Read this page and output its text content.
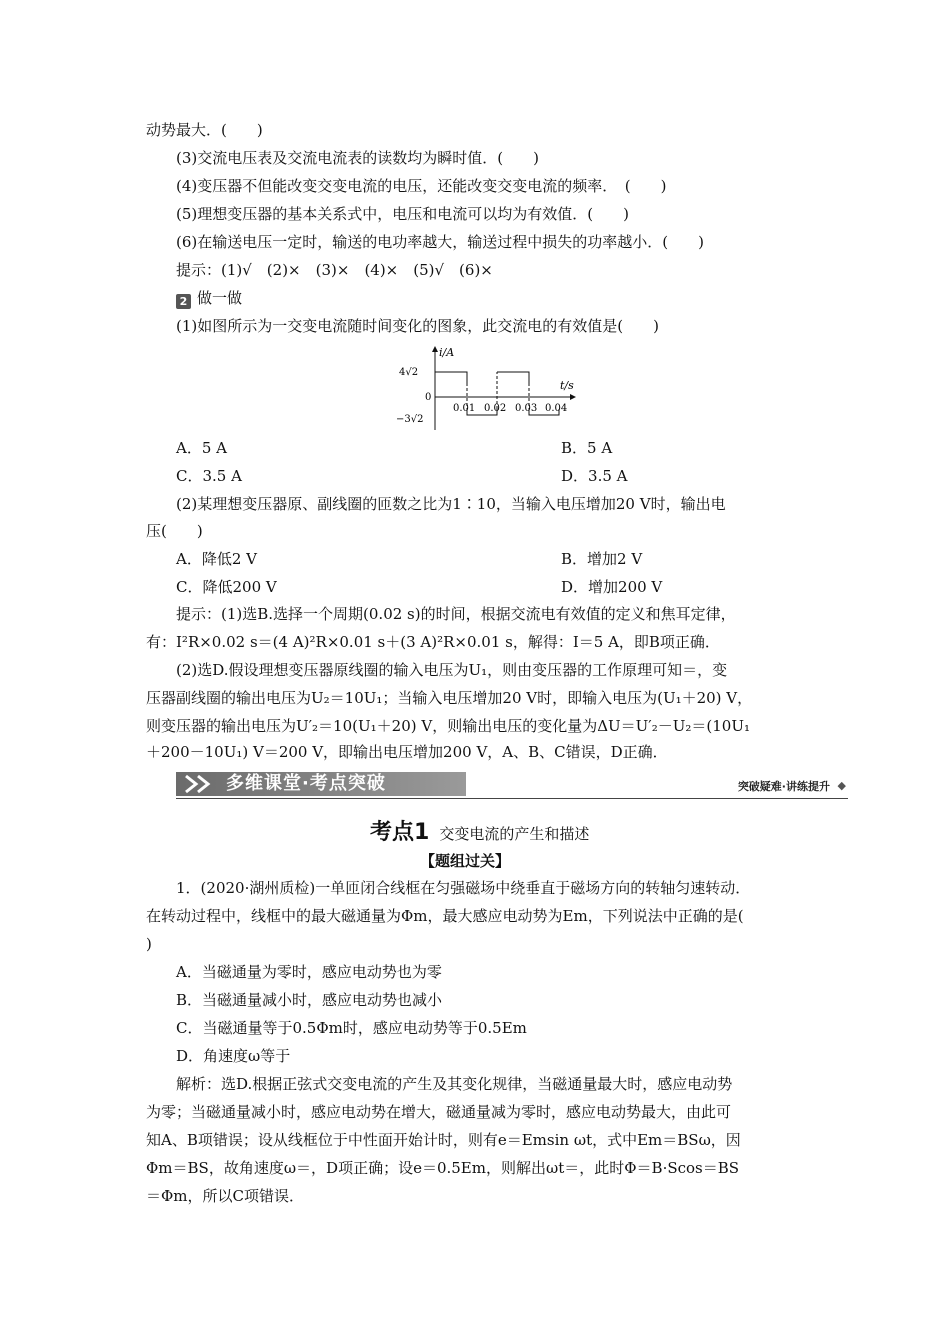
动势最大．(　　)
(3)交流电压表及交流电流表的读数均为瞬时值．(　　)
(4)变压器不但能改变交变电流的电压，还能改变交变电流的频率．　(　　)
(5)理想变压器的基本关系式中，电压和电流可以均为有效值．(　　)
(6)在输送电压一定时，输送的电功率越大，输送过程中损失的功率越小．(　　)
提示：(1)√　(2)×　(3)×　(4)×　(5)√　(6)×
2 做一做
(1)如图所示为一交变电流随时间变化的图象，此交流电的有效值是(　　)
i/A
t/s
4√2
0
−3√2
0.01 0.02 0.03 0.04
A．5 A	B．5 A
C．3.5 A	D．3.5 A
(2)某理想变压器原、副线圈的匝数之比为1∶10，当输入电压增加20 V时，输出电
压(　　)
A．降低2 V	B．增加2 V
C．降低200 V	D．增加200 V
提示：(1)选B.选择一个周期(0.02 s)的时间，根据交流电有效值的定义和焦耳定律，
有：I²R×0.02 s＝(4 A)²R×0.01 s＋(3 A)²R×0.01 s，解得：I＝5 A，即B项正确．
(2)选D.假设理想变压器原线圈的输入电压为U₁，则由变压器的工作原理可知＝，变
压器副线圈的输出电压为U₂＝10U₁；当输入电压增加20 V时，即输入电压为(U₁＋20) V，
则变压器的输出电压为U′₂＝10(U₁＋20) V，则输出电压的变化量为ΔU＝U′₂－U₂＝(10U₁
＋200－10U₁) V＝200 V，即输出电压增加200 V，A、B、C错误，D正确．
多维课堂·考点突破	突破疑难·讲练提升 ◆
考点1 交变电流的产生和描述
【题组过关】
1．(2020·湖州质检)一单匝闭合线框在匀强磁场中绕垂直于磁场方向的转轴匀速转动．
在转动过程中，线框中的最大磁通量为Φm，最大感应电动势为Em，下列说法中正确的是(
)
A．当磁通量为零时，感应电动势也为零
B．当磁通量减小时，感应电动势也减小
C．当磁通量等于0.5Φm时，感应电动势等于0.5Em
D．角速度ω等于
解析：选D.根据正弦式交变电流的产生及其变化规律，当磁通量最大时，感应电动势
为零；当磁通量减小时，感应电动势在增大，磁通量减为零时，感应电动势最大，由此可
知A、B项错误；设从线框位于中性面开始计时，则有e＝Emsin ωt，式中Em＝BSω，因
Φm＝BS，故角速度ω＝，D项正确；设e＝0.5Em，则解出ωt＝，此时Φ＝B·Scos＝BS
＝Φm，所以C项错误．
